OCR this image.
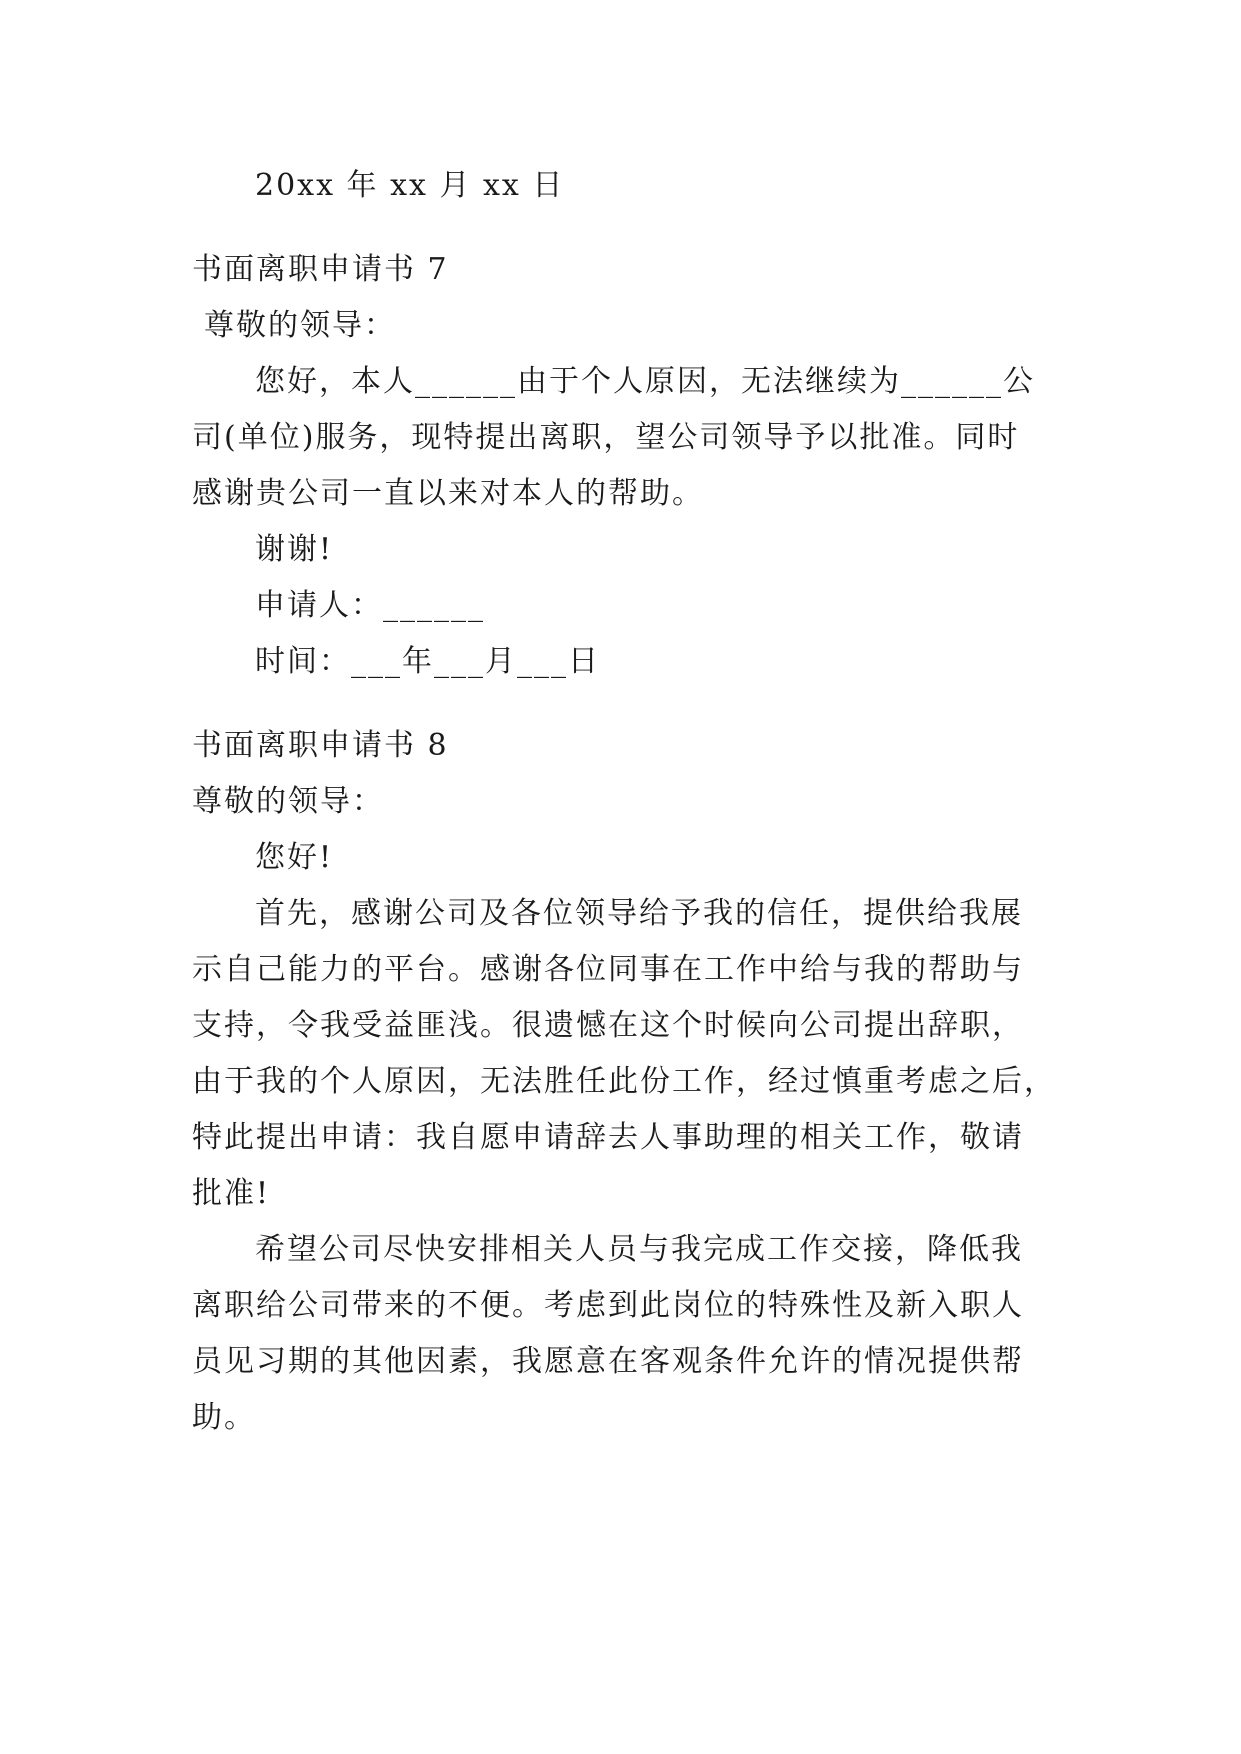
20xx 年 xx 月 xx 日
书面离职申请书 7
尊敬的领导：
您好，本人______由于个人原因，无法继续为______公
司(单位)服务，现特提出离职，望公司领导予以批准。同时
感谢贵公司一直以来对本人的帮助。
谢谢!
申请人：______
时间：___年___月___日
书面离职申请书 8
尊敬的领导：
您好!
首先，感谢公司及各位领导给予我的信任，提供给我展
示自己能力的平台。感谢各位同事在工作中给与我的帮助与
支持，令我受益匪浅。很遗憾在这个时候向公司提出辞职，
由于我的个人原因，无法胜任此份工作，经过慎重考虑之后，
特此提出申请：我自愿申请辞去人事助理的相关工作，敬请
批准!
希望公司尽快安排相关人员与我完成工作交接，降低我
离职给公司带来的不便。考虑到此岗位的特殊性及新入职人
员见习期的其他因素，我愿意在客观条件允许的情况提供帮
助。
